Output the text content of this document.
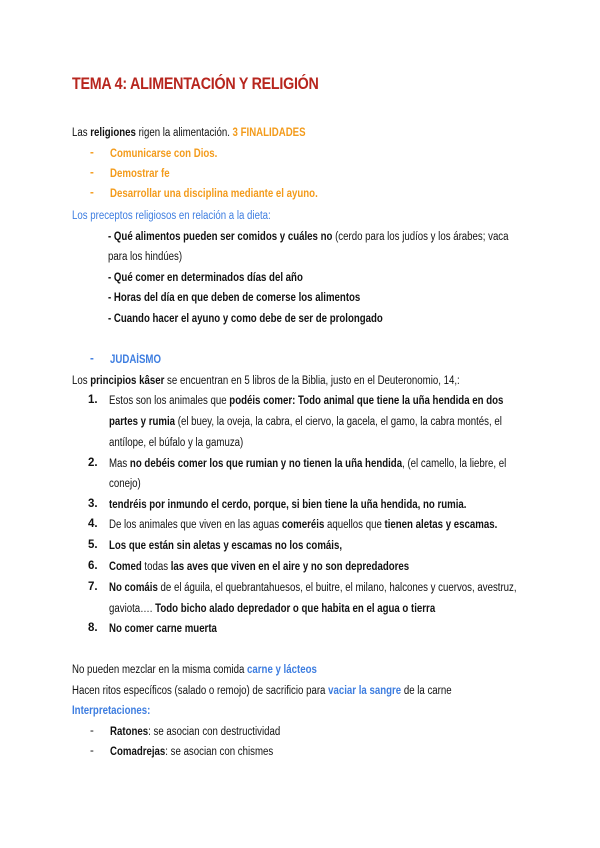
TEMA 4: ALIMENTACIÓN Y RELIGIÓN
Las religiones rigen la alimentación. 3 FINALIDADES
- Comunicarse con Dios.
- Demostrar fe
- Desarrollar una disciplina mediante el ayuno.
Los preceptos religiosos en relación a la dieta:
- Qué alimentos pueden ser comidos y cuáles no (cerdo para los judíos y los árabes; vaca
para los hindúes)
- Qué comer en determinados días del año
- Horas del día en que deben de comerse los alimentos
- Cuando hacer el ayuno y como debe de ser de prolongado
- JUDAÍSMO
Los principios kâser se encuentran en 5 libros de la Biblia, justo en el Deuteronomio, 14,:
1. Estos son los animales que podéis comer: Todo animal que tiene la uña hendida en dos
partes y rumia (el buey, la oveja, la cabra, el ciervo, la gacela, el gamo, la cabra montés, el
antílope, el búfalo y la gamuza)
2. Mas no debéis comer los que rumian y no tienen la uña hendida, (el camello, la liebre, el
conejo)
3. tendréis por inmundo el cerdo, porque, si bien tiene la uña hendida, no rumia.
4. De los animales que viven en las aguas comeréis aquellos que tienen aletas y escamas.
5. Los que están sin aletas y escamas no los comáis,
6. Comed todas las aves que viven en el aire y no son depredadores
7. No comáis de el águila, el quebrantahuesos, el buitre, el milano, halcones y cuervos, avestruz,
gaviota…. Todo bicho alado depredador o que habita en el agua o tierra
8. No comer carne muerta
No pueden mezclar en la misma comida carne y lácteos
Hacen ritos específicos (salado o remojo) de sacrificio para vaciar la sangre de la carne
Interpretaciones:
- Ratones: se asocian con destructividad
- Comadrejas: se asocian con chismes
